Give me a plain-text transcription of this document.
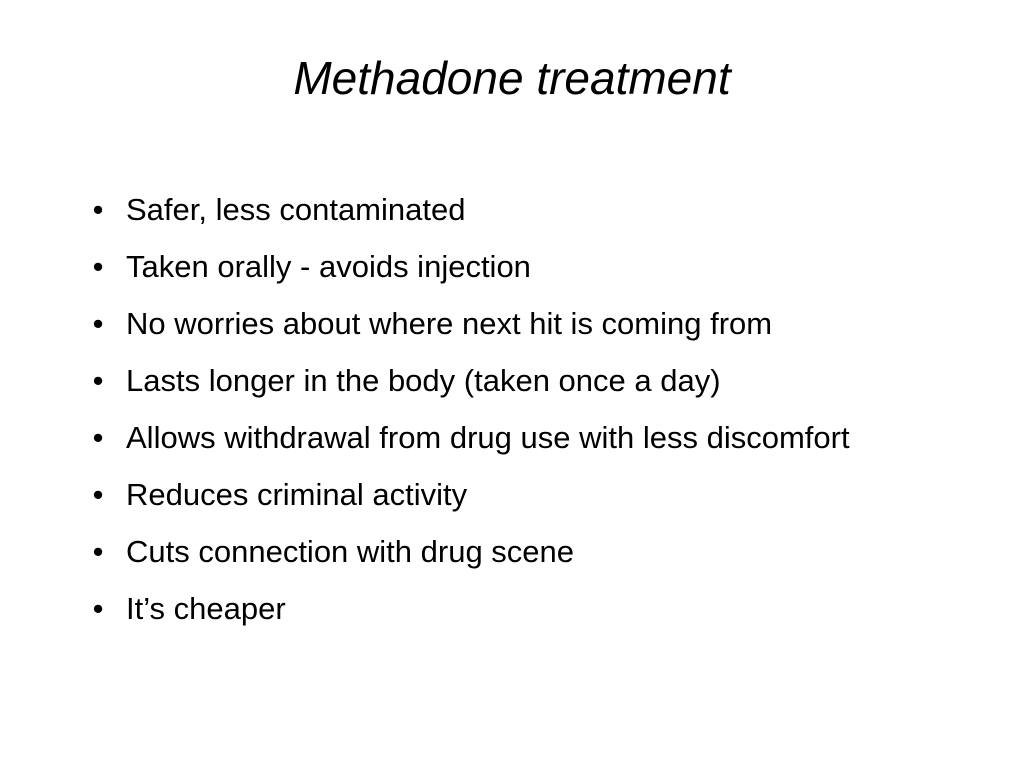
Methadone treatment
• Safer, less contaminated
• Taken orally - avoids injection
• No worries about where next hit is coming from
• Lasts longer in the body (taken once a day)
• Allows withdrawal from drug use with less discomfort
• Reduces criminal activity
• Cuts connection with drug scene
• It’s cheaper
